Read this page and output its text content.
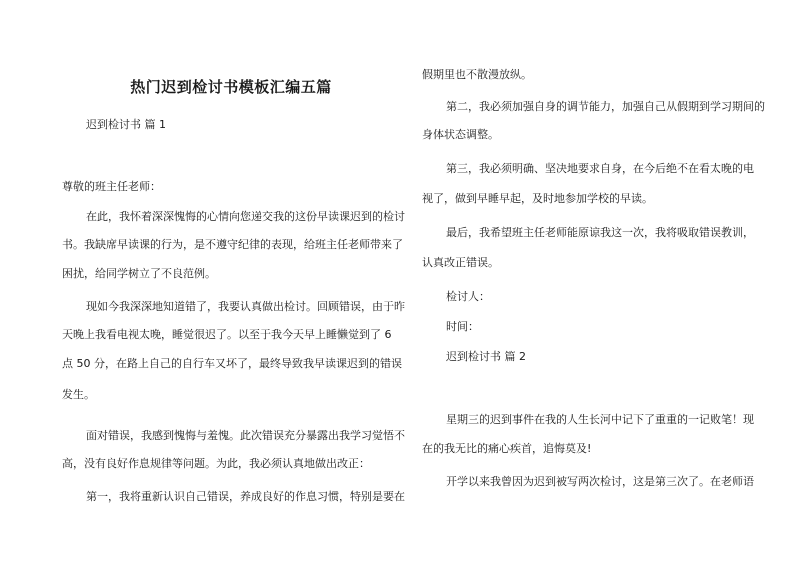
热门迟到检讨书模板汇编五篇
迟到检讨书 篇 1
尊敬的班主任老师：
在此，我怀着深深愧悔的心情向您递交我的这份早读课迟到的检讨
书。我缺席早读课的行为，是不遵守纪律的表现，给班主任老师带来了
困扰，给同学树立了不良范例。
现如今我深深地知道错了，我要认真做出检讨。回顾错误，由于昨
天晚上我看电视太晚，睡觉很迟了。以至于我今天早上睡懒觉到了 6
点 50 分，在路上自己的自行车又坏了，最终导致我早读课迟到的错误
发生。
面对错误，我感到愧悔与羞愧。此次错误充分暴露出我学习觉悟不
高，没有良好作息规律等问题。为此，我必须认真地做出改正：
第一，我将重新认识自己错误，养成良好的作息习惯，特别是要在
假期里也不散漫放纵。
第二，我必须加强自身的调节能力，加强自己从假期到学习期间的
身体状态调整。
第三，我必须明确、坚决地要求自身，在今后绝不在看太晚的电
视了，做到早睡早起，及时地参加学校的早读。
最后，我希望班主任老师能原谅我这一次，我将吸取错误教训，
认真改正错误。
检讨人：
时间：
迟到检讨书 篇 2
星期三的迟到事件在我的人生长河中记下了重重的一记败笔！现
在的我无比的痛心疾首，追悔莫及!
开学以来我曾因为迟到被写两次检讨，这是第三次了。在老师语
